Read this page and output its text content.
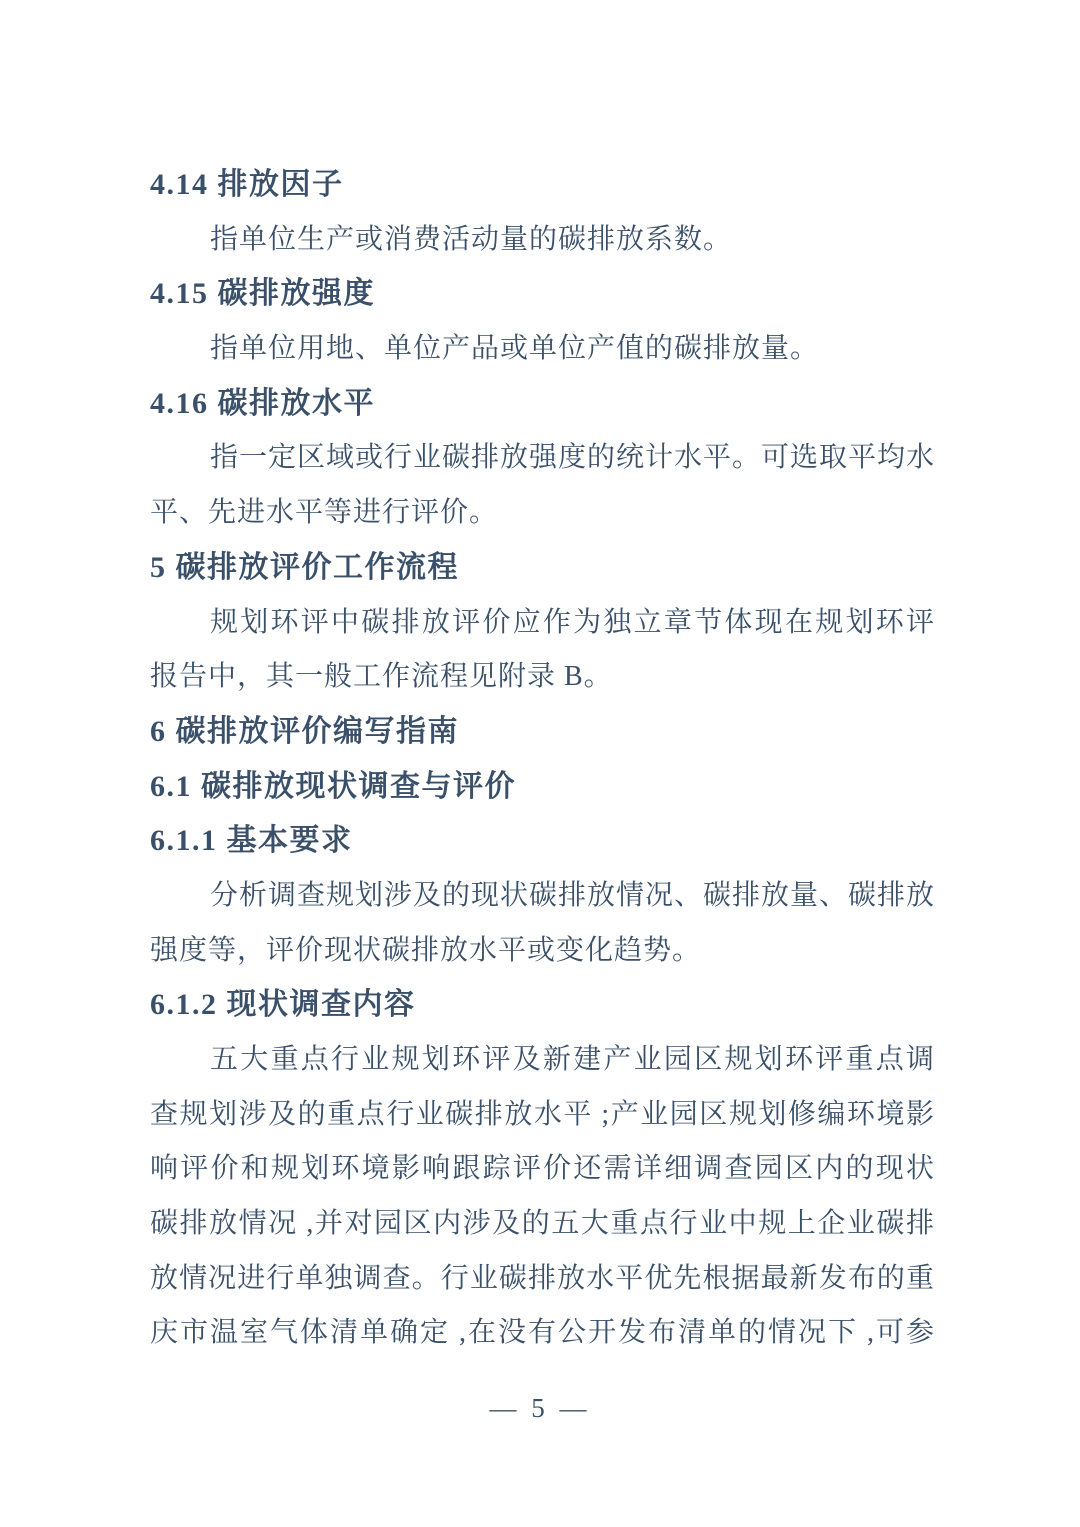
4.14 排放因子
指单位生产或消费活动量的碳排放系数。
4.15 碳排放强度
指单位用地、单位产品或单位产值的碳排放量。
4.16 碳排放水平
指一定区域或行业碳排放强度的统计水平。可选取平均水
平、先进水平等进行评价。
5 碳排放评价工作流程
规划环评中碳排放评价应作为独立章节体现在规划环评
报告中，其一般工作流程见附录 B。
6 碳排放评价编写指南
6.1 碳排放现状调查与评价
6.1.1 基本要求
分析调查规划涉及的现状碳排放情况、碳排放量、碳排放
强度等，评价现状碳排放水平或变化趋势。
6.1.2 现状调查内容
五大重点行业规划环评及新建产业园区规划环评重点调
查规划涉及的重点行业碳排放水平 ;产业园区规划修编环境影
响评价和规划环境影响跟踪评价还需详细调查园区内的现状
碳排放情况 ,并对园区内涉及的五大重点行业中规上企业碳排
放情况进行单独调查。行业碳排放水平优先根据最新发布的重
庆市温室气体清单确定 ,在没有公开发布清单的情况下 ,可参
— 5 —
